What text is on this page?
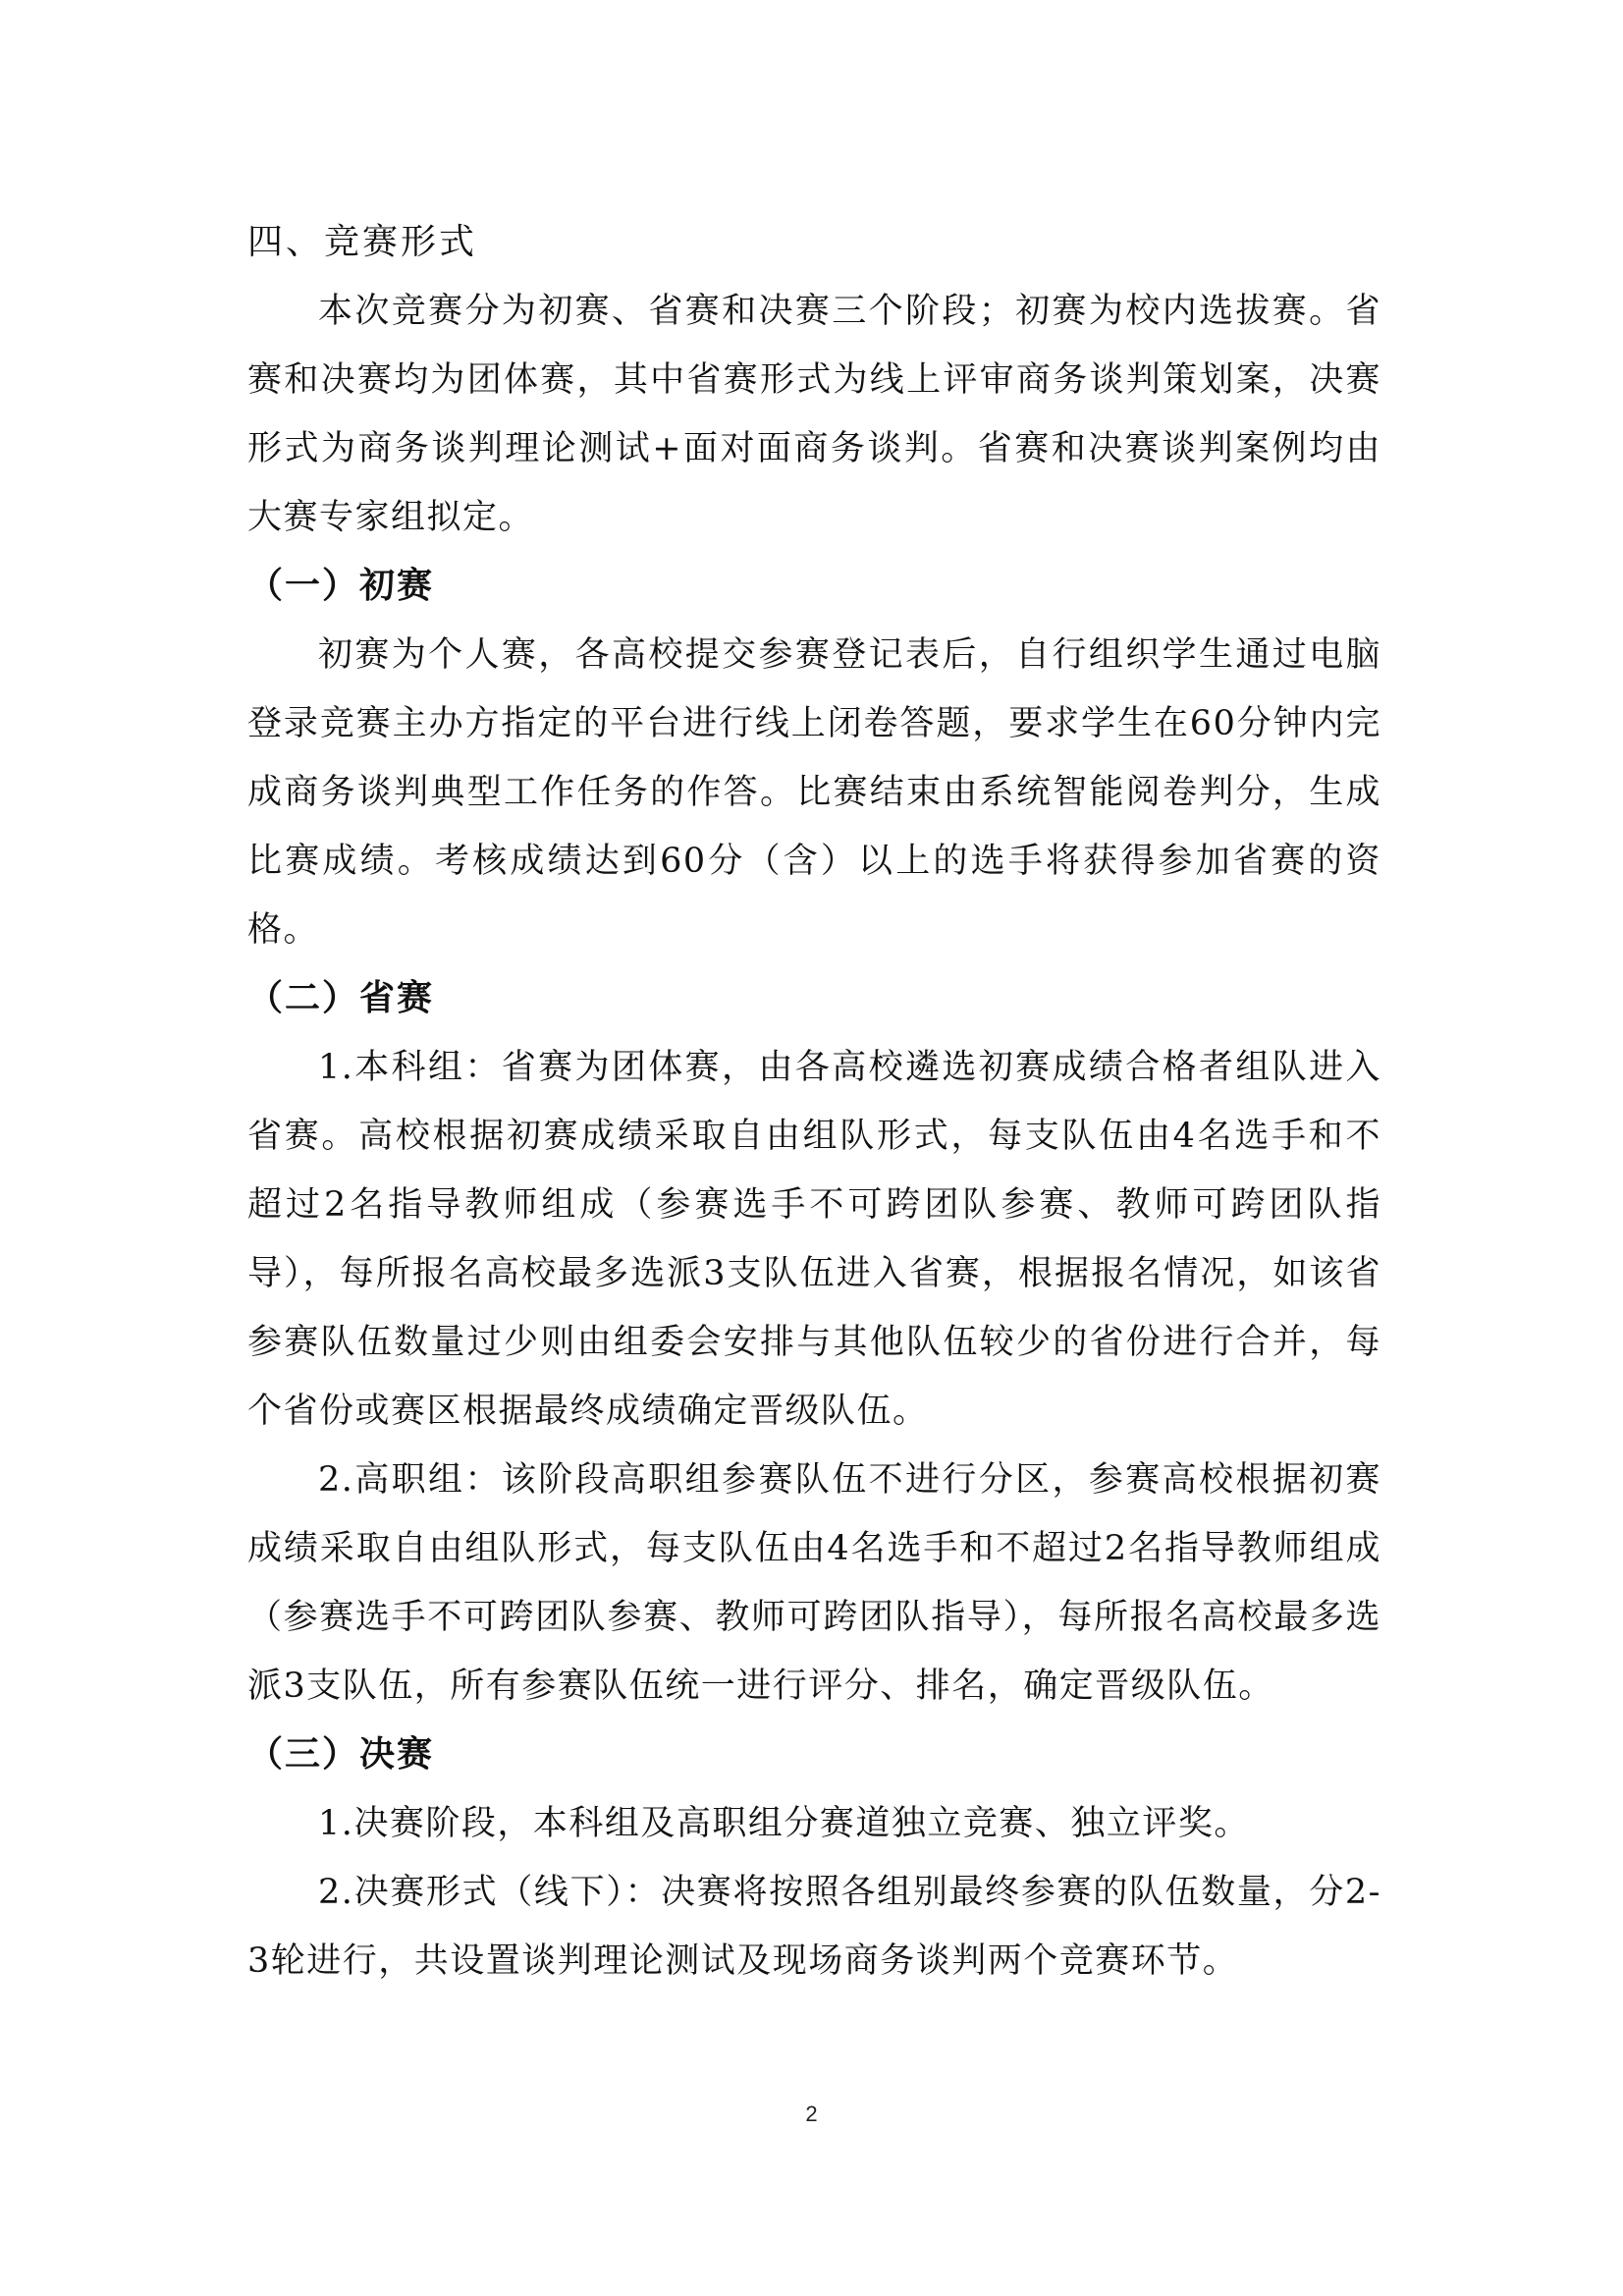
四、竞赛形式

本次竞赛分为初赛、省赛和决赛三个阶段；初赛为校内选拔赛。省赛和决赛均为团体赛，其中省赛形式为线上评审商务谈判策划案，决赛形式为商务谈判理论测试+面对面商务谈判。省赛和决赛谈判案例均由大赛专家组拟定。

（一）初赛

初赛为个人赛，各高校提交参赛登记表后，自行组织学生通过电脑登录竞赛主办方指定的平台进行线上闭卷答题，要求学生在60分钟内完成商务谈判典型工作任务的作答。比赛结束由系统智能阅卷判分，生成比赛成绩。考核成绩达到60分（含）以上的选手将获得参加省赛的资格。

（二）省赛

1.本科组：省赛为团体赛，由各高校遴选初赛成绩合格者组队进入省赛。高校根据初赛成绩采取自由组队形式，每支队伍由4名选手和不超过2名指导教师组成（参赛选手不可跨团队参赛、教师可跨团队指导），每所报名高校最多选派3支队伍进入省赛，根据报名情况，如该省参赛队伍数量过少则由组委会安排与其他队伍较少的省份进行合并，每个省份或赛区根据最终成绩确定晋级队伍。

2.高职组：该阶段高职组参赛队伍不进行分区，参赛高校根据初赛成绩采取自由组队形式，每支队伍由4名选手和不超过2名指导教师组成（参赛选手不可跨团队参赛、教师可跨团队指导），每所报名高校最多选派3支队伍，所有参赛队伍统一进行评分、排名，确定晋级队伍。

（三）决赛

1.决赛阶段，本科组及高职组分赛道独立竞赛、独立评奖。

2.决赛形式（线下）：决赛将按照各组别最终参赛的队伍数量，分2-3轮进行，共设置谈判理论测试及现场商务谈判两个竞赛环节。

2
